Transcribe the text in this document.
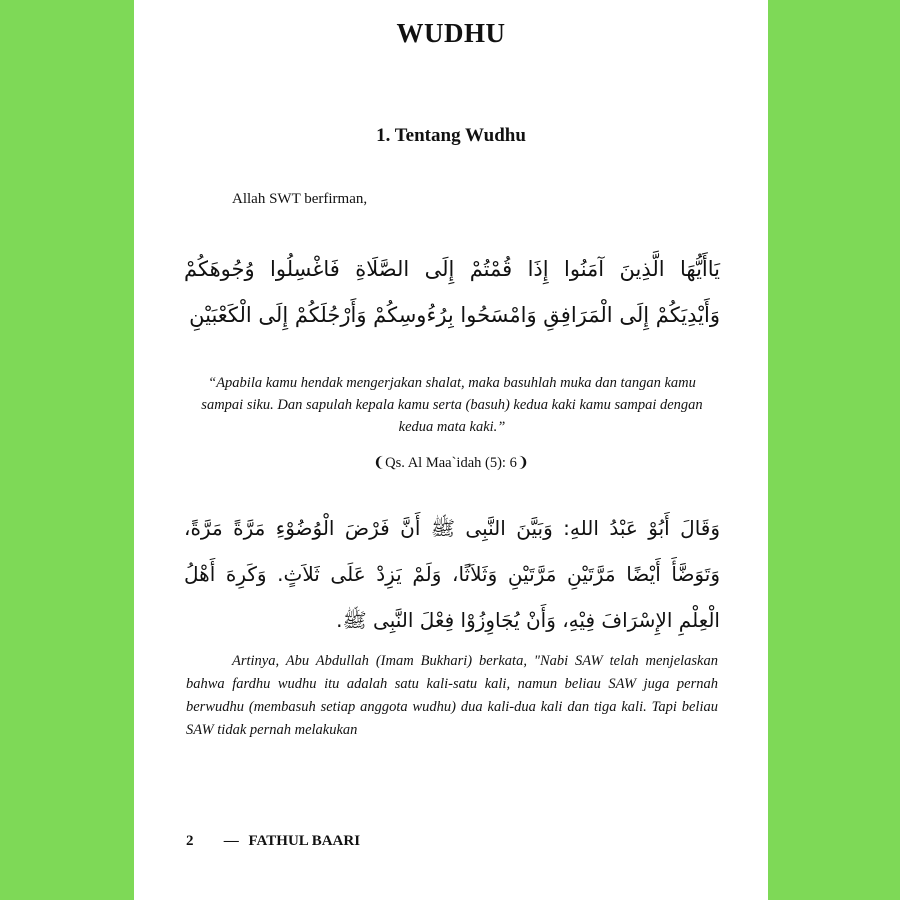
WUDHU
1. Tentang Wudhu
Allah SWT berfirman,
يَاأَيُّهَا الَّذِينَ آمَنُوا إِذَا قُمْتُمْ إِلَى الصَّلَاةِ فَاغْسِلُوا وُجُوهَكُمْ وَأَيْدِيَكُمْ إِلَى الْمَرَافِقِ وَامْسَحُوا بِرُءُوسِكُمْ وَأَرْجُلَكُمْ إِلَى الْكَعْبَيْنِ
“Apabila kamu hendak mengerjakan shalat, maka basuhlah muka dan tangan kamu sampai siku. Dan sapulah kepala kamu serta (basuh) kedua kaki kamu sampai dengan kedua mata kaki.”
❨Qs. Al Maa`idah (5): 6❩
وَقَالَ أَبُوْ عَبْدُ اللهِ: وَبَيَّنَ النَّبِى ﷺ أَنَّ فَرْضَ الْوُضُوْءِ مَرَّةً مَرَّةً، وَتَوَضَّأَ أَيْضًا مَرَّتَيْنِ مَرَّتَيْنِ وَثَلاَثًا، وَلَمْ يَزِدْ عَلَى ثَلاَثٍ. وَكَرِهَ أَهْلُ الْعِلْمِ الإِسْرَافَ فِيْهِ، وَأَنْ يُجَاوِزُوْا فِعْلَ النَّبِى ﷺ.
Artinya, Abu Abdullah (Imam Bukhari) berkata, "Nabi SAW telah menjelaskan bahwa fardhu wudhu itu adalah satu kali-satu kali, namun beliau SAW juga pernah berwudhu (membasuh setiap anggota wudhu) dua kali-dua kali dan tiga kali. Tapi beliau SAW tidak pernah melakukan
2 — FATHUL BAARI
